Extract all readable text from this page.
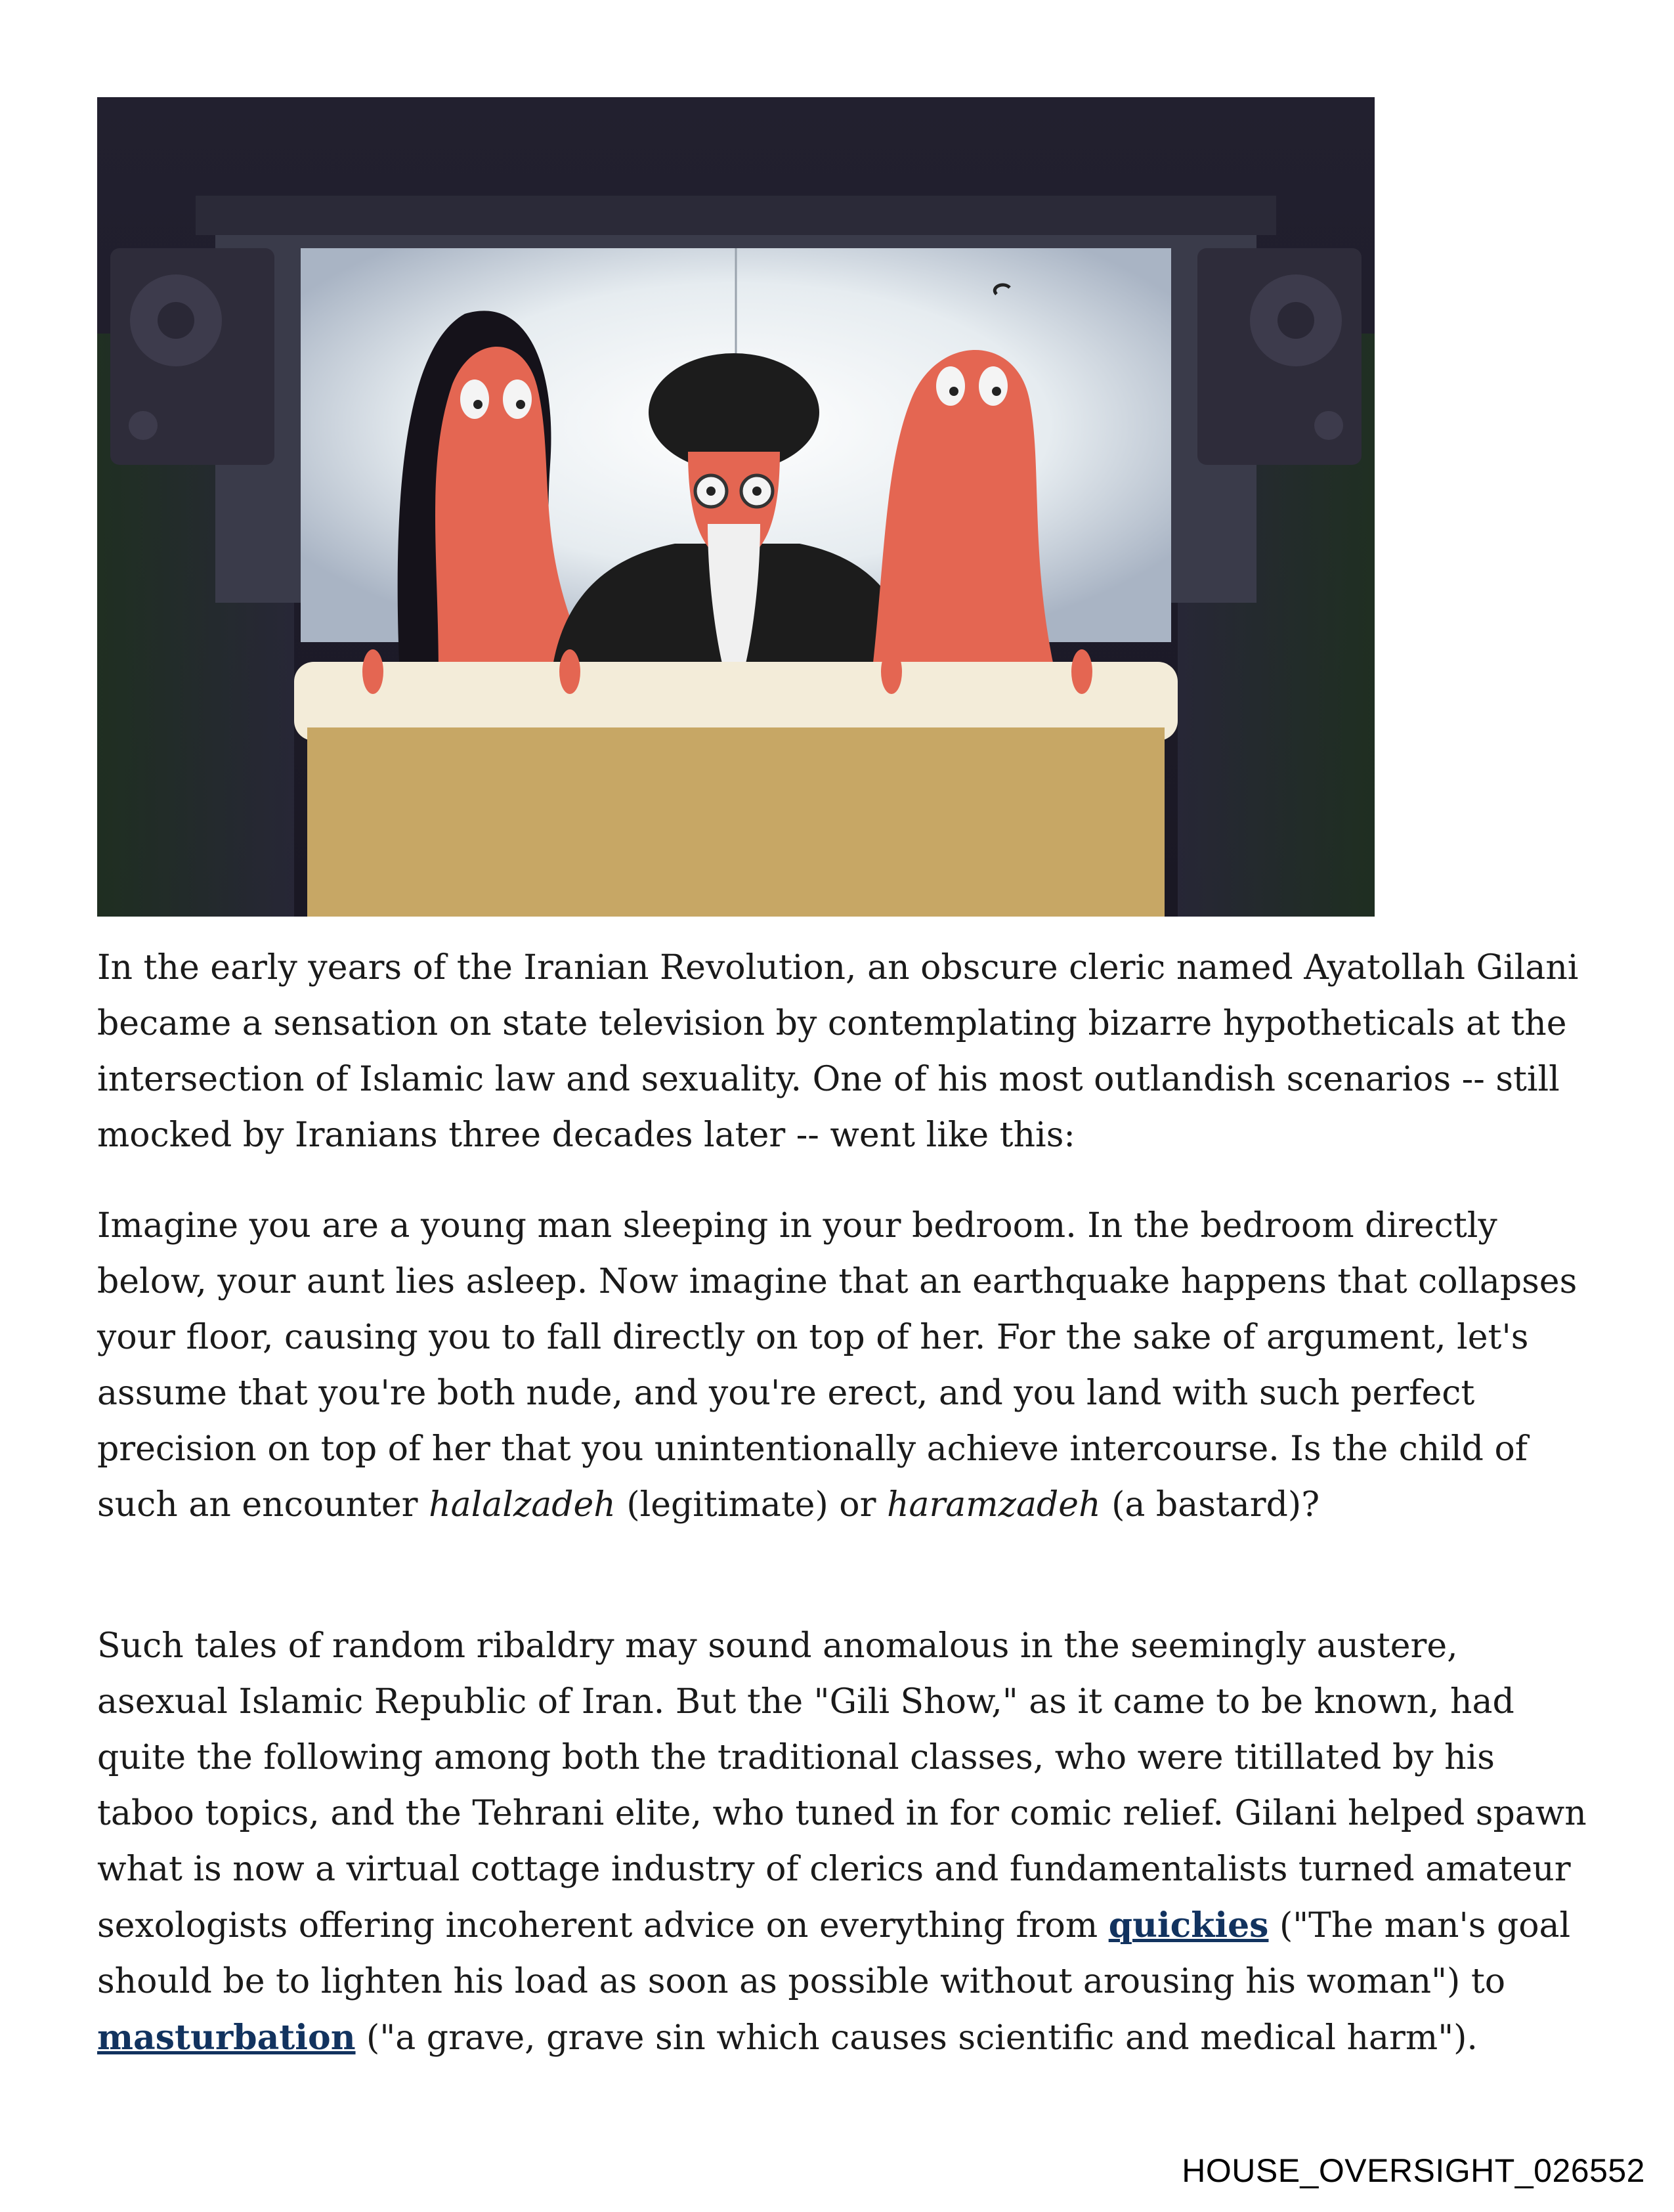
In the early years of the Iranian Revolution, an obscure cleric named Ayatollah Gilani became a sensation on state television by contemplating bizarre hypotheticals at the intersection of Islamic law and sexuality. One of his most outlandish scenarios -- still mocked by Iranians three decades later -- went like this:

Imagine you are a young man sleeping in your bedroom. In the bedroom directly below, your aunt lies asleep. Now imagine that an earthquake happens that collapses your floor, causing you to fall directly on top of her. For the sake of argument, let's assume that you're both nude, and you're erect, and you land with such perfect precision on top of her that you unintentionally achieve intercourse. Is the child of such an encounter halalzadeh (legitimate) or haramzadeh (a bastard)?

Such tales of random ribaldry may sound anomalous in the seemingly austere, asexual Islamic Republic of Iran. But the "Gili Show," as it came to be known, had quite the following among both the traditional classes, who were titillated by his taboo topics, and the Tehrani elite, who tuned in for comic relief. Gilani helped spawn what is now a virtual cottage industry of clerics and fundamentalists turned amateur sexologists offering incoherent advice on everything from quickies ("The man's goal should be to lighten his load as soon as possible without arousing his woman") to masturbation ("a grave, grave sin which causes scientific and medical harm").

HOUSE_OVERSIGHT_026552
